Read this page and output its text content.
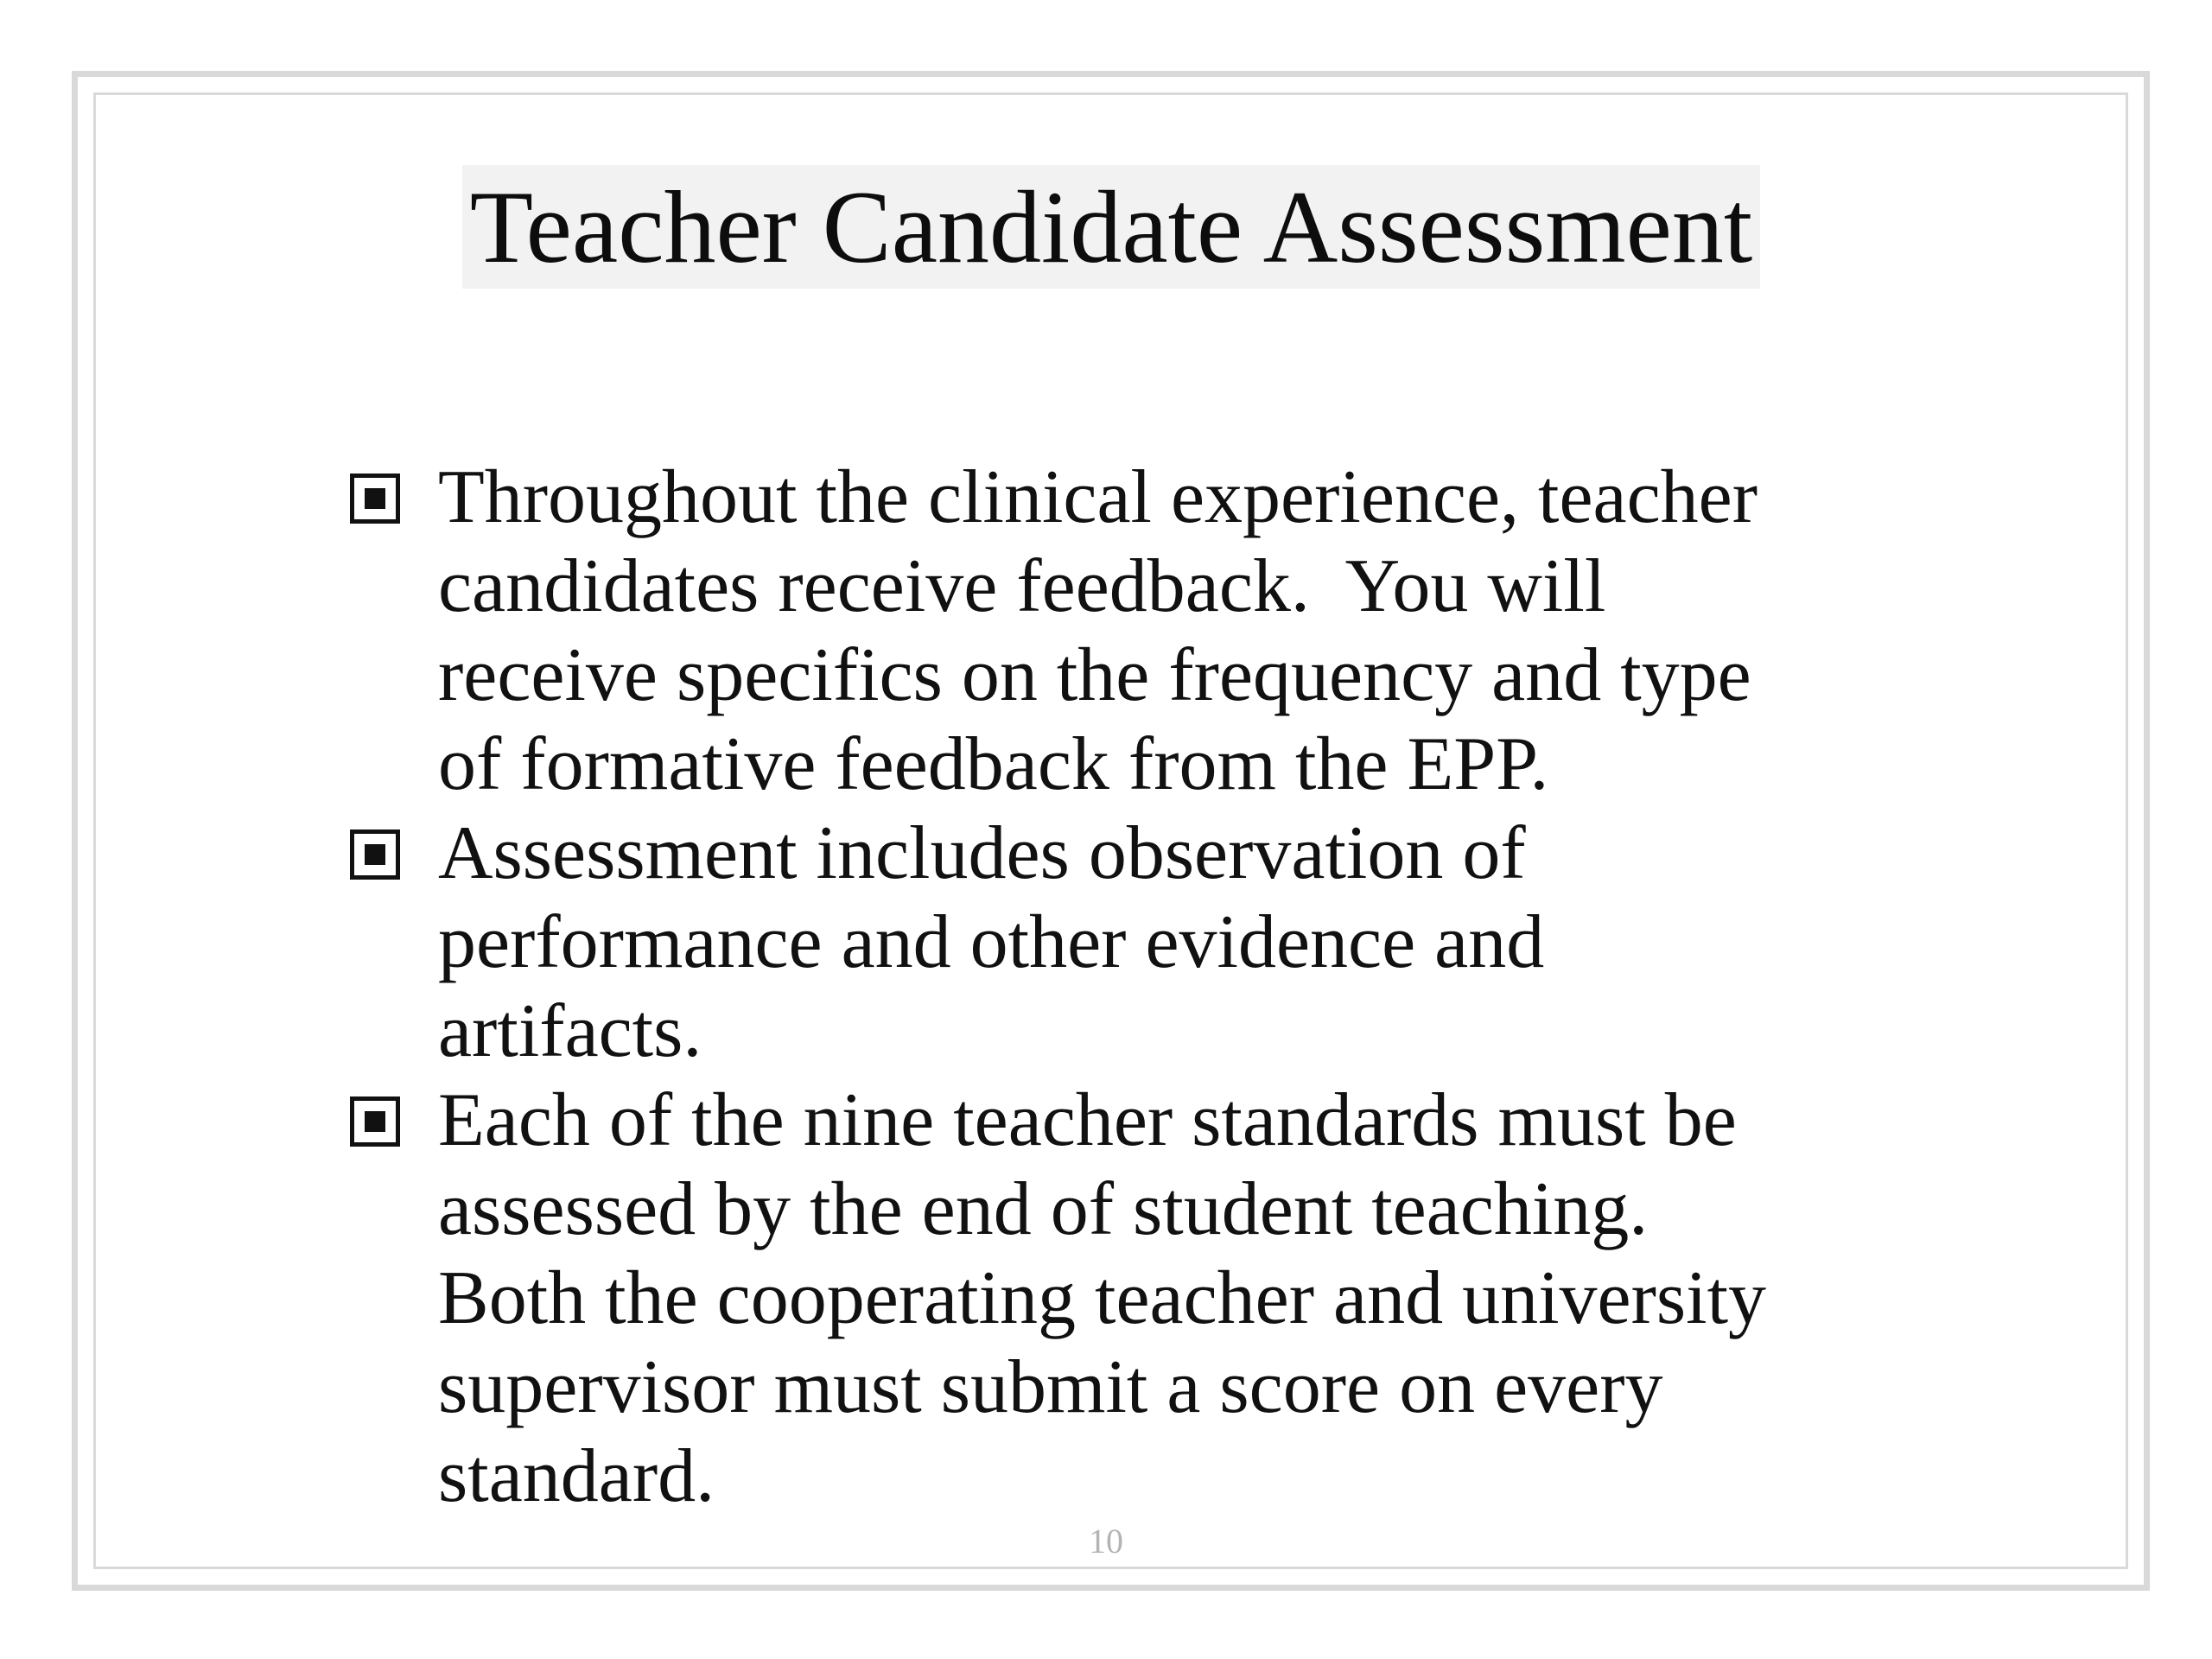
Teacher Candidate Assessment
Throughout the clinical experience, teacher
candidates receive feedback.  You will
receive specifics on the frequency and type
of formative feedback from the EPP.
Assessment includes observation of
performance and other evidence and
artifacts.
Each of the nine teacher standards must be
assessed by the end of student teaching.
Both the cooperating teacher and university
supervisor must submit a score on every
standard.
10
